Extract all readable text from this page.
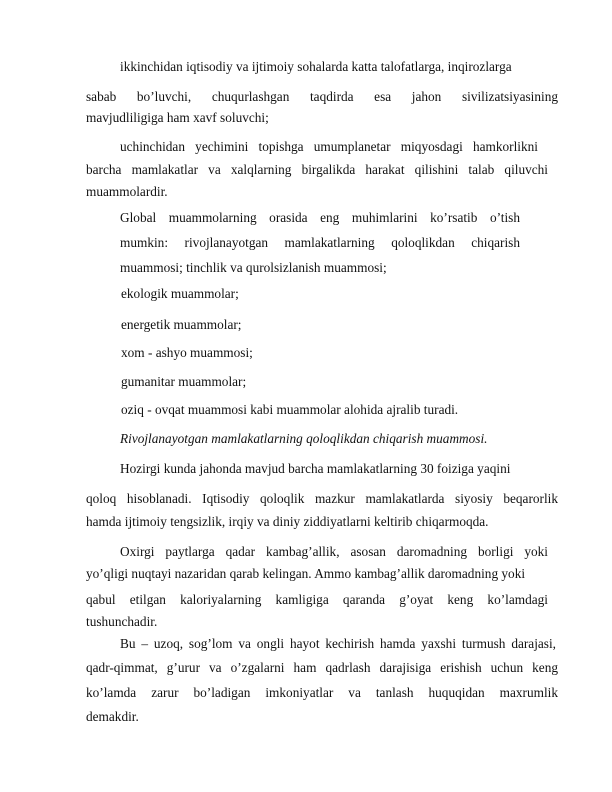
ikkinchidan iqtisodiy va ijtimoiy sohalarda katta talofatlarga, inqirozlarga
sabab bo’luvchi, chuqurlashgan taqdirda esa jahon sivilizatsiyasining
mavjudliligiga ham xavf soluvchi;
uchinchidan yechimini topishga umumplanetar miqyosdagi hamkorlikni
barcha mamlakatlar va xalqlarning birgalikda harakat qilishini talab qiluvchi
muammolardir.
Global muammolarning orasida eng muhimlarini ko’rsatib o’tish
mumkin: rivojlanayotgan mamlakatlarning qoloqlikdan chiqarish
muammosi; tinchlik va qurolsizlanish muammosi;
ekologik muammolar;
energetik muammolar;
xom - ashyo muammosi;
gumanitar muammolar;
oziq - ovqat muammosi kabi muammolar alohida ajralib turadi.
Rivojlanayotgan mamlakatlarning qoloqlikdan chiqarish muammosi.
Hozirgi kunda jahonda mavjud barcha mamlakatlarning 30 foiziga yaqini
qoloq hisoblanadi. Iqtisodiy qoloqlik mazkur mamlakatlarda siyosiy beqarorlik
hamda ijtimoiy tengsizlik, irqiy va diniy ziddiyatlarni keltirib chiqarmoqda.
Oxirgi paytlarga qadar kambag’allik, asosan daromadning borligi yoki
yo’qligi nuqtayi nazaridan qarab kelingan. Ammo kambag’allik daromadning yoki
qabul etilgan kaloriyalarning kamligiga qaranda g’oyat keng ko’lamdagi
tushunchadir.
Bu – uzoq, sog’lom va ongli hayot kechirish hamda yaxshi turmush darajasi,
qadr-qimmat, g’urur va o’zgalarni ham qadrlash darajisiga erishish uchun keng
ko’lamda zarur bo’ladigan imkoniyatlar va tanlash huquqidan maxrumlik
demakdir.
